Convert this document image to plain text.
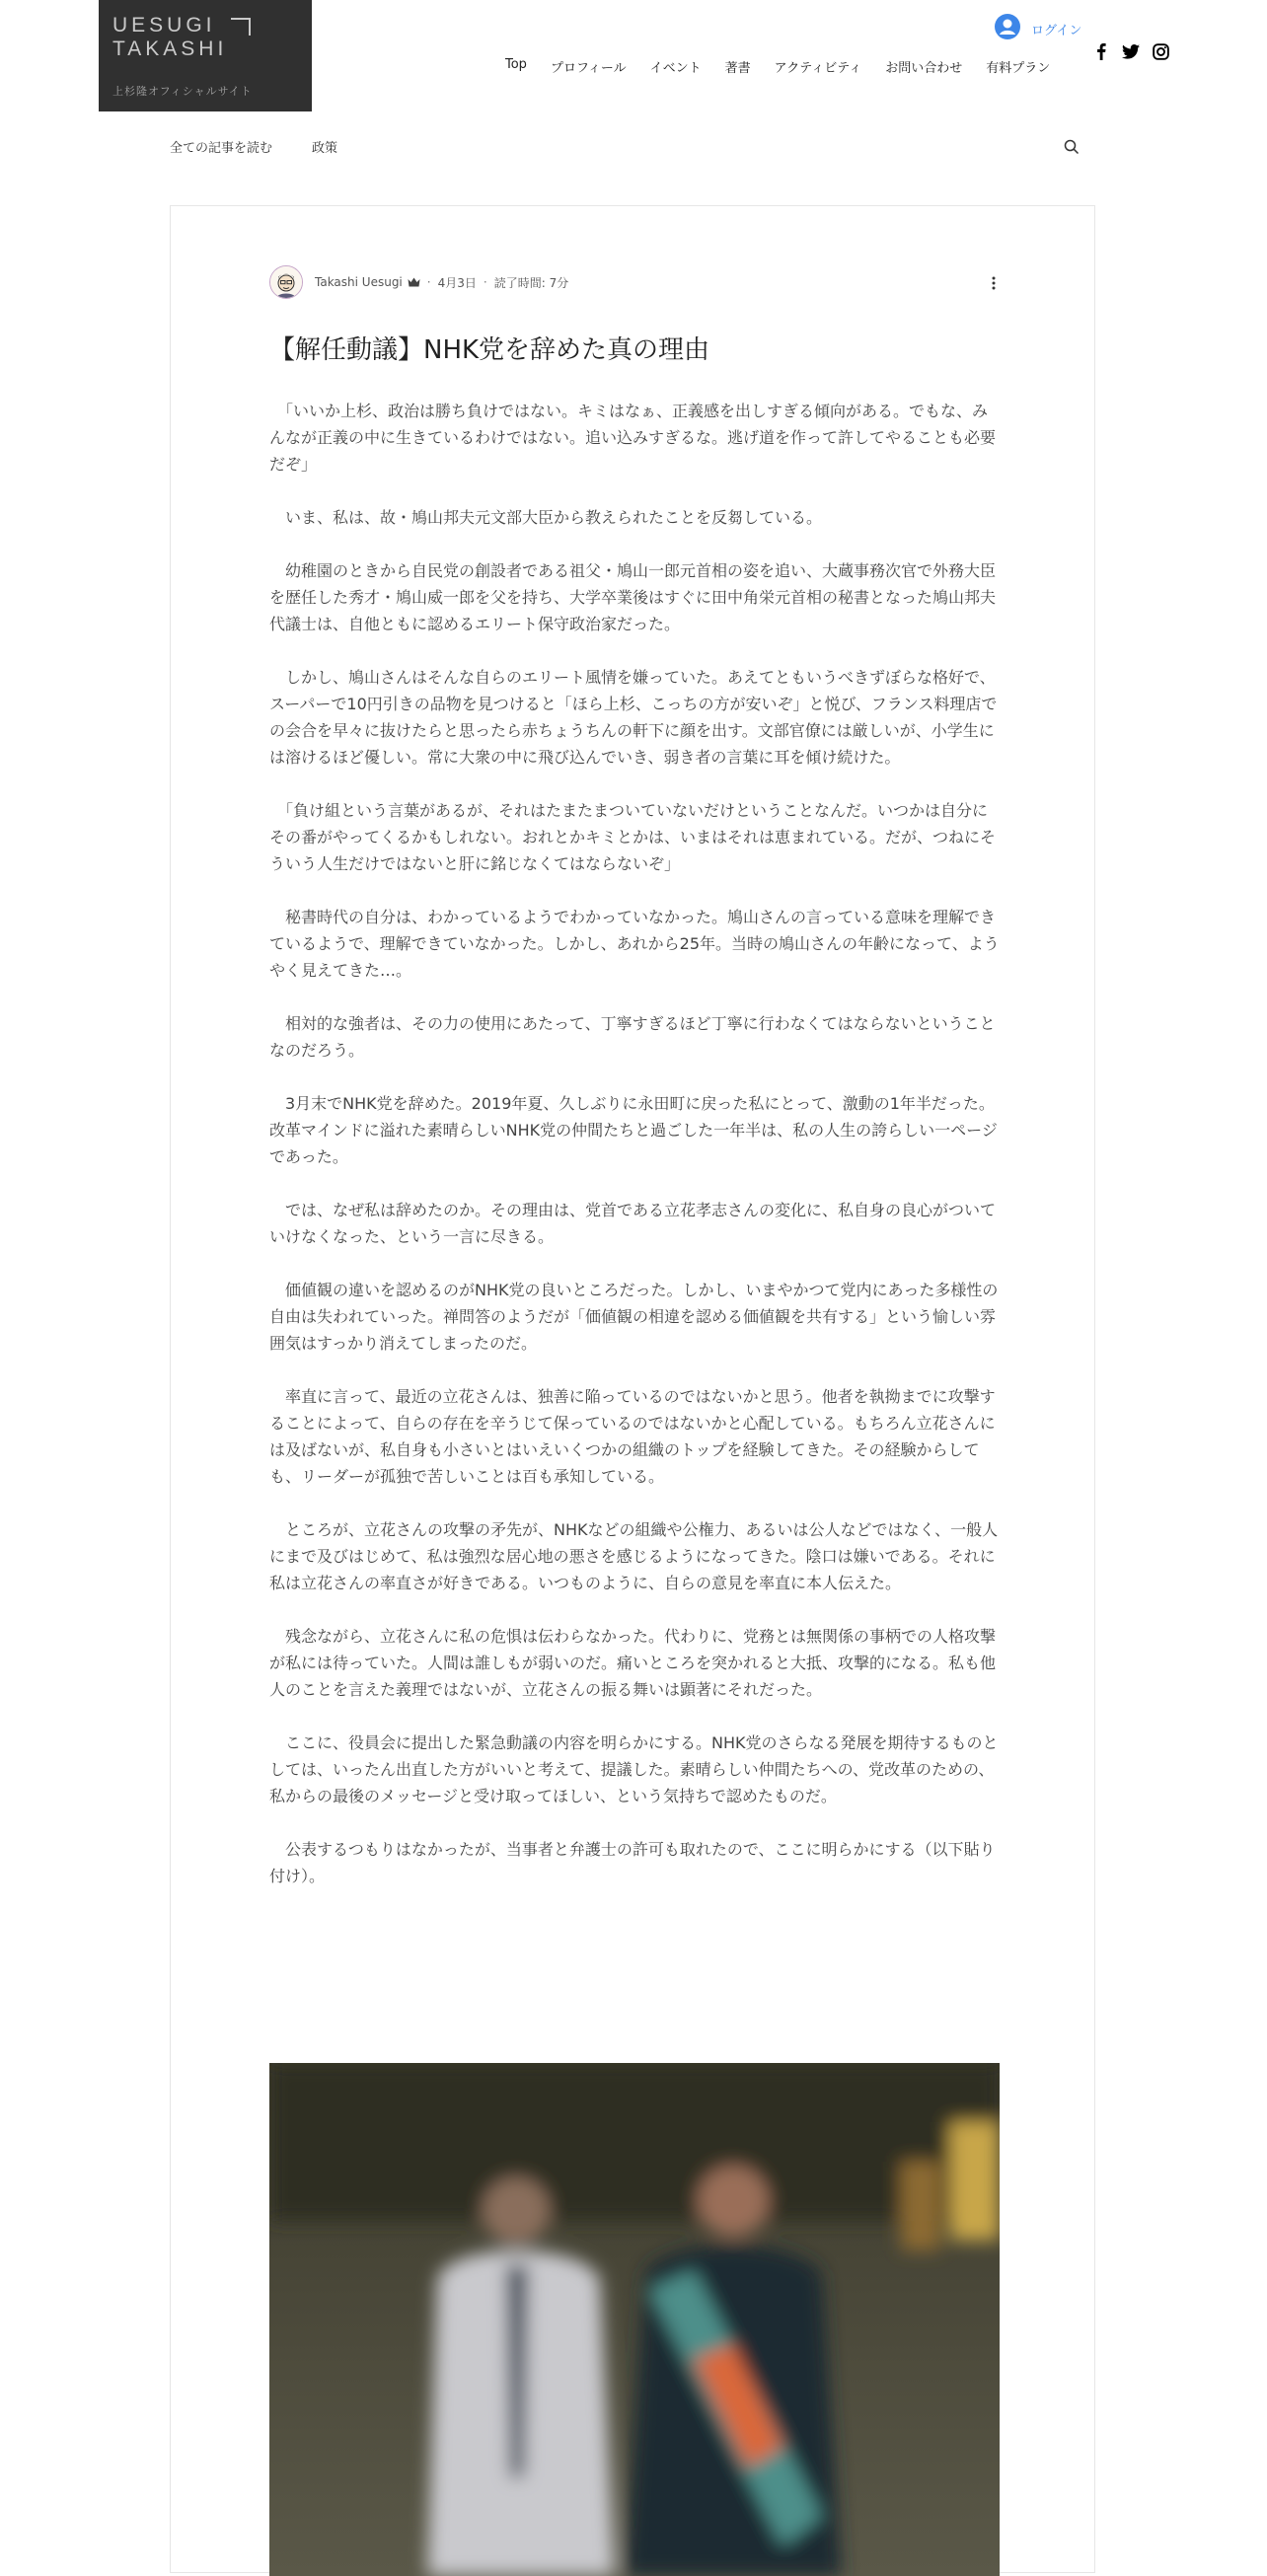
UESUGI
TAKASHI
上杉隆オフィシャルサイト
ログイン
Top	プロフィール	イベント	著書	アクティビティ	お問い合わせ	有料プラン
全ての記事を読む	政策
Takashi Uesugi · 4月3日 · 読了時間: 7分
【解任動議】NHK党を辞めた真の理由

　「いいか上杉、政治は勝ち負けではない。キミはなぁ、正義感を出しすぎる傾向がある。でもな、みんなが正義の中に生きているわけではない。追い込みすぎるな。逃げ道を作って許してやることも必要だぞ」

　いま、私は、故・鳩山邦夫元文部大臣から教えられたことを反芻している。

　幼稚園のときから自民党の創設者である祖父・鳩山一郎元首相の姿を追い、大蔵事務次官で外務大臣を歴任した秀才・鳩山威一郎を父を持ち、大学卒業後はすぐに田中角栄元首相の秘書となった鳩山邦夫代議士は、自他ともに認めるエリート保守政治家だった。

　しかし、鳩山さんはそんな自らのエリート風情を嫌っていた。あえてともいうべきずぼらな格好で、スーパーで10円引きの品物を見つけると「ほら上杉、こっちの方が安いぞ」と悦び、フランス料理店での会合を早々に抜けたらと思ったら赤ちょうちんの軒下に顔を出す。文部官僚には厳しいが、小学生には溶けるほど優しい。常に大衆の中に飛び込んでいき、弱き者の言葉に耳を傾け続けた。

　「負け組という言葉があるが、それはたまたまついていないだけということなんだ。いつかは自分にその番がやってくるかもしれない。おれとかキミとかは、いまはそれは恵まれている。だが、つねにそういう人生だけではないと肝に銘じなくてはならないぞ」

　秘書時代の自分は、わかっているようでわかっていなかった。鳩山さんの言っている意味を理解できているようで、理解できていなかった。しかし、あれから25年。当時の鳩山さんの年齢になって、ようやく見えてきた…。

　相対的な強者は、その力の使用にあたって、丁寧すぎるほど丁寧に行わなくてはならないということなのだろう。

　3月末でNHK党を辞めた。2019年夏、久しぶりに永田町に戻った私にとって、激動の1年半だった。改革マインドに溢れた素晴らしいNHK党の仲間たちと過ごした一年半は、私の人生の誇らしい一ページであった。

　では、なぜ私は辞めたのか。その理由は、党首である立花孝志さんの変化に、私自身の良心がついていけなくなった、という一言に尽きる。

　価値観の違いを認めるのがNHK党の良いところだった。しかし、いまやかつて党内にあった多様性の自由は失われていった。禅問答のようだが「価値観の相違を認める価値観を共有する」という愉しい雰囲気はすっかり消えてしまったのだ。

　率直に言って、最近の立花さんは、独善に陥っているのではないかと思う。他者を執拗までに攻撃することによって、自らの存在を辛うじて保っているのではないかと心配している。もちろん立花さんには及ばないが、私自身も小さいとはいえいくつかの組織のトップを経験してきた。その経験からしても、リーダーが孤独で苦しいことは百も承知している。

　ところが、立花さんの攻撃の矛先が、NHKなどの組織や公権力、あるいは公人などではなく、一般人にまで及びはじめて、私は強烈な居心地の悪さを感じるようになってきた。陰口は嫌いである。それに私は立花さんの率直さが好きである。いつものように、自らの意見を率直に本人伝えた。

　残念ながら、立花さんに私の危惧は伝わらなかった。代わりに、党務とは無関係の事柄での人格攻撃が私には待っていた。人間は誰しもが弱いのだ。痛いところを突かれると大抵、攻撃的になる。私も他人のことを言えた義理ではないが、立花さんの振る舞いは顕著にそれだった。

　ここに、役員会に提出した緊急動議の内容を明らかにする。NHK党のさらなる発展を期待するものとしては、いったん出直した方がいいと考えて、提議した。素晴らしい仲間たちへの、党改革のための、私からの最後のメッセージと受け取ってほしい、という気持ちで認めたものだ。

　公表するつもりはなかったが、当事者と弁護士の許可も取れたので、ここに明らかにする（以下貼り付け）。
